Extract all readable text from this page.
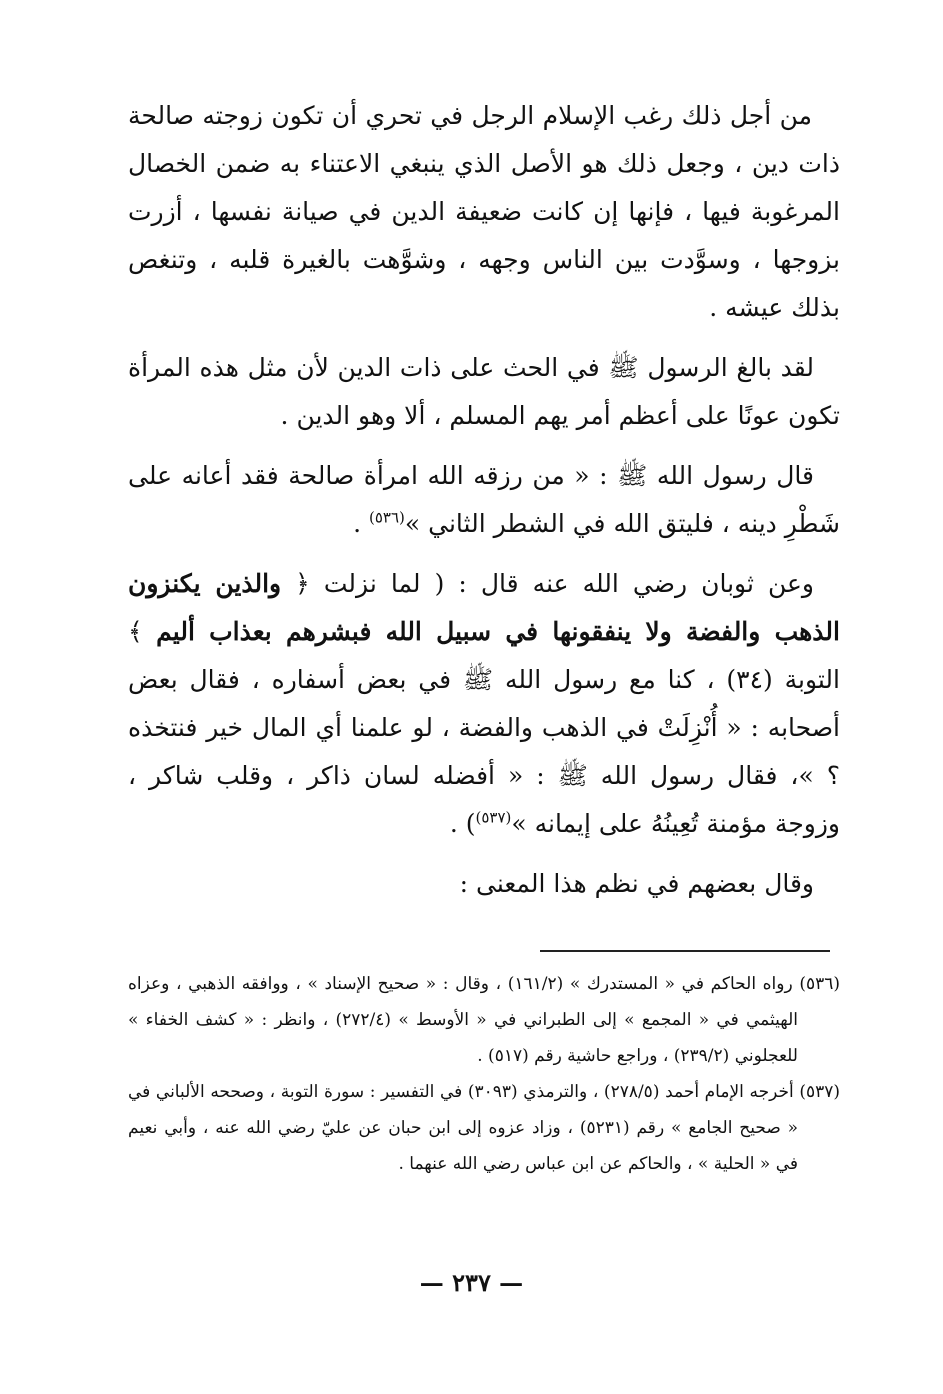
من أجل ذلك رغب الإسلام الرجل في تحري أن تكون زوجته صالحة ذات دين ، وجعل ذلك هو الأصل الذي ينبغي الاعتناء به ضمن الخصال المرغوبة فيها ، فإنها إن كانت ضعيفة الدين في صيانة نفسها ، أزرت بزوجها ، وسوَّدت بين الناس وجهه ، وشوَّهت بالغيرة قلبه ، وتنغص بذلك عيشه .

لقد بالغ الرسول ﷺ في الحث على ذات الدين لأن مثل هذه المرأة تكون عونًا على أعظم أمر يهم المسلم ، ألا وهو الدين .

قال رسول الله ﷺ : « من رزقه الله امرأة صالحة فقد أعانه على شَطْرِ دينه ، فليتق الله في الشطر الثاني »$^{(٥٣٦)}$ .

وعن ثوبان رضي الله عنه قال : ( لما نزلت ﴿ والذين يكنزون الذهب والفضة ولا ينفقونها في سبيل الله فبشرهم بعذاب أليم ﴾ التوبة (٣٤) ، كنا مع رسول الله ﷺ في بعض أسفاره ، فقال بعض أصحابه : « أُنْزِلَتْ في الذهب والفضة ، لو علمنا أي المال خير فنتخذه ؟ »، فقال رسول الله ﷺ : « أفضله لسان ذاكر ، وقلب شاكر ، وزوجة مؤمنة تُعِينُهُ على إيمانه »$^{(٥٣٧)}$) .

وقال بعضهم في نظم هذا المعنى :

(٥٣٦) رواه الحاكم في « المستدرك » (١٦١/٢) ، وقال : « صحيح الإسناد » ، ووافقه الذهبي ، وعزاه الهيثمي في « المجمع » إلى الطبراني في « الأوسط » (٢٧٢/٤) ، وانظر : « كشف الخفاء » للعجلوني (٢٣٩/٢) ، وراجع حاشية رقم (٥١٧) .

(٥٣٧) أخرجه الإمام أحمد (٢٧٨/٥) ، والترمذي (٣٠٩٣) في التفسير : سورة التوبة ، وصححه الألباني في « صحيح الجامع » رقم (٥٢٣١) ، وزاد عزوه إلى ابن حبان عن عليّ رضي الله عنه ، وأبي نعيم في « الحلية » ، والحاكم عن ابن عباس رضي الله عنهما .

— ٢٣٧ —
